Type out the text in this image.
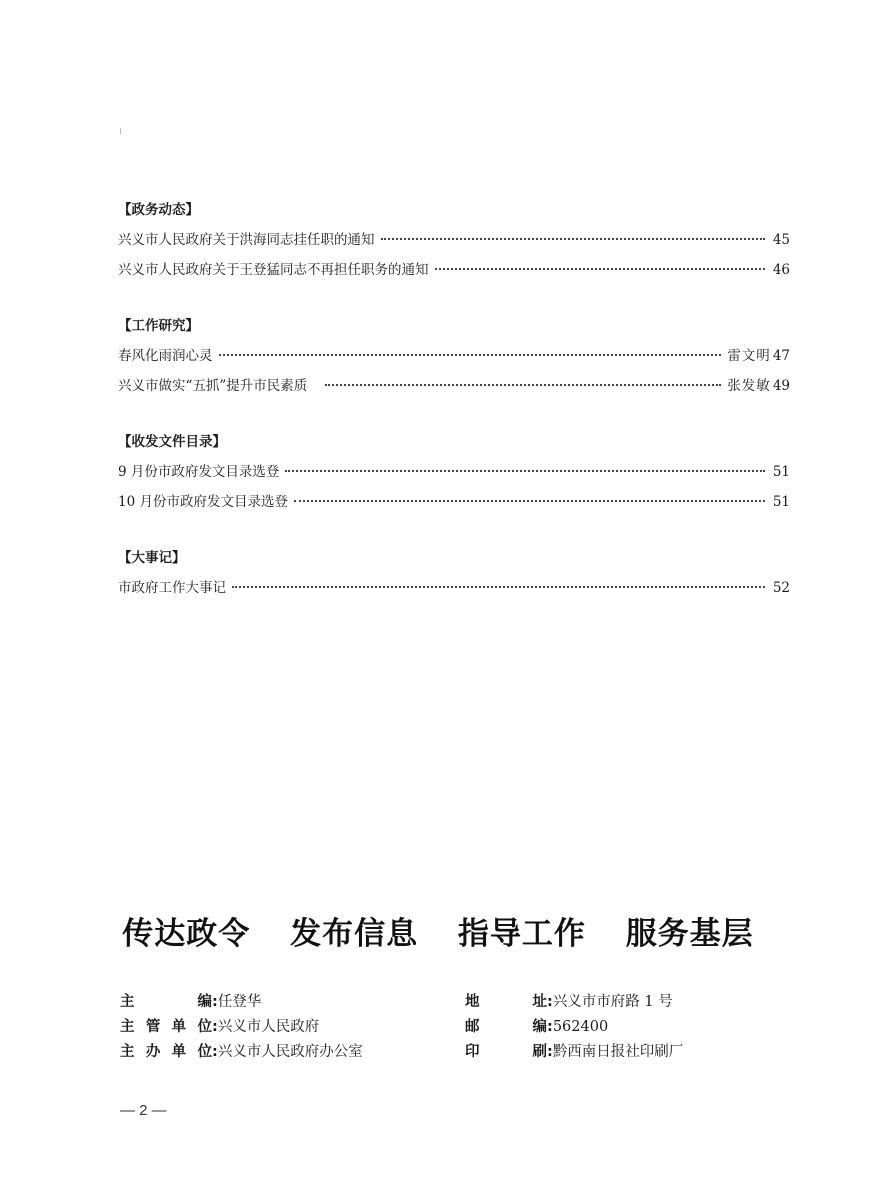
【政务动态】
兴义市人民政府关于洪海同志挂任职的通知	45
兴义市人民政府关于王登猛同志不再担任职务的通知	46
【工作研究】
春风化雨润心灵	雷文明 47
兴义市做实“五抓”提升市民素质	张发敏 49
【收发文件目录】
9 月份市政府发文目录选登	51
10 月份市政府发文目录选登	51
【大事记】
市政府工作大事记	52
传达政令 发布信息 指导工作 服务基层
主	编 : 任登华	地	址 : 兴义市市府路 1 号
主 管 单 位 : 兴义市人民政府	邮	编 : 562400
主 办 单 位 : 兴义市人民政府办公室	印	刷 : 黔西南日报社印刷厂
— 2 —
